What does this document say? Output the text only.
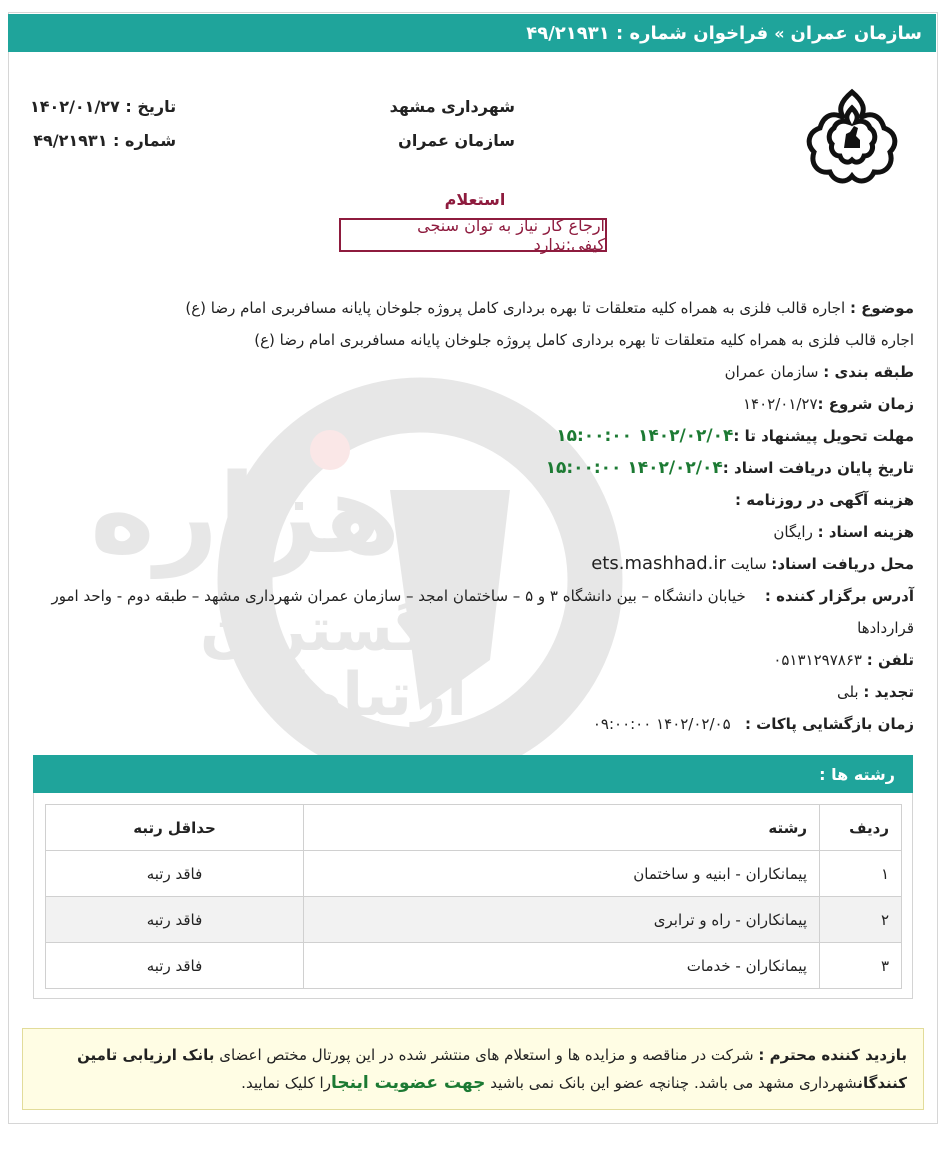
سازمان عمران
»
فراخوان شماره : ۴۹/۲۱۹۳۱
شهرداری مشهد
سازمان عمران
تاریخ : ۱۴۰۲/۰۱/۲۷
شماره : ۴۹/۲۱۹۳۱
استعلام
ارجاع کار نیاز به توان سنجی کیفی:ندارد
موضوع : اجاره قالب فلزی به همراه کلیه متعلقات تا بهره برداری کامل پروژه جلوخان پایانه مسافربری امام رضا (ع)
اجاره قالب فلزی به همراه کلیه متعلقات تا بهره برداری کامل پروژه جلوخان پایانه مسافربری امام رضا (ع)
طبقه بندی : سازمان عمران
زمان شروع :۱۴۰۲/۰۱/۲۷
مهلت تحویل پیشنهاد تا :۱۴۰۲/۰۲/۰۴ ۱۵:۰۰:۰۰
تاریخ پایان دریافت اسناد :۱۴۰۲/۰۲/۰۴ ۱۵:۰۰:۰۰
هزینه آگهی در روزنامه :
هزینه اسناد : رایگان
محل دریافت اسناد: سایت ets.mashhad.ir
آدرس برگزار کننده :    خیابان دانشگاه – بین دانشگاه ۳ و ۵ – ساختمان امجد – سازمان عمران شهرداری مشهد – طبقه دوم - واحد امور قراردادها
تلفن : ۰۵۱۳۱۲۹۷۸۶۳
تجدید : بلی
زمان بازگشایی پاکات :   ۱۴۰۲/۰۲/۰۵ ۰۹:۰۰:۰۰
رشته ها :
ردیف	رشته	حداقل رتبه
۱	پیمانکاران - ابنیه و ساختمان	فاقد رتبه
۲	پیمانکاران - راه و ترابری	فاقد رتبه
۳	پیمانکاران - خدمات	فاقد رتبه
بازدید کننده محترم : شرکت در مناقصه و مزایده ها و استعلام های منتشر شده در این پورتال مختص اعضای بانک ارزیابی تامین کنندگانشهرداری مشهد می باشد. چنانچه عضو این بانک نمی باشید جهت عضویت اینجارا کلیک نمایید.
